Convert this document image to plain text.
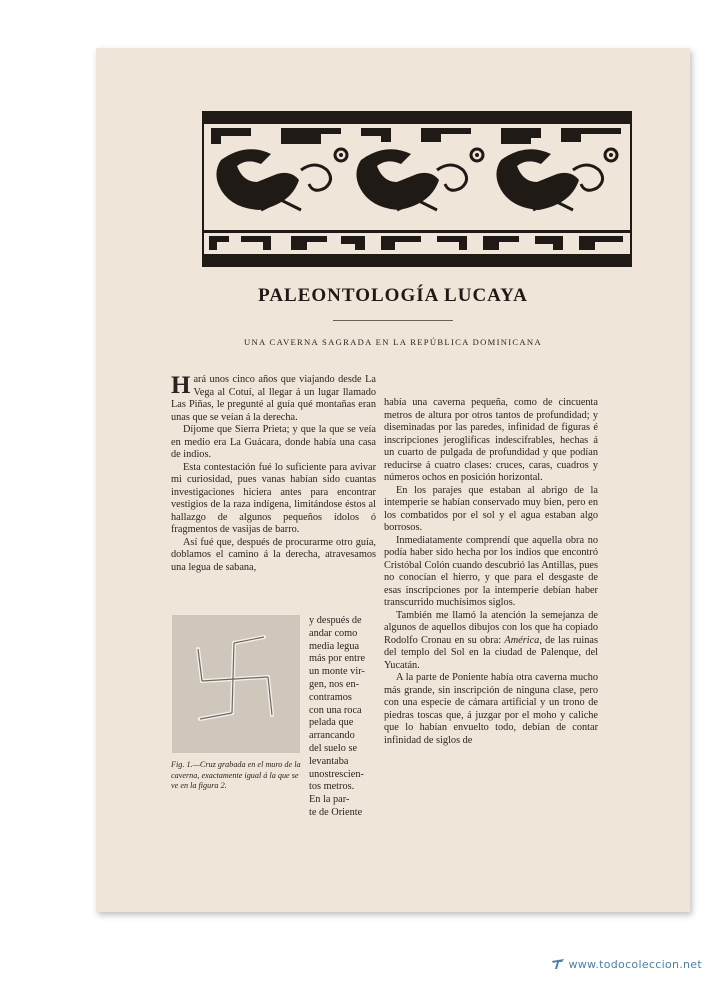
PALEONTOLOGÍA LUCAYA
UNA CAVERNA SAGRADA EN LA REPÚBLICA DOMINICANA

Hará unos cinco años que viajando desde La Vega al Cotuí, al llegar á un lugar llamado Las Piñas, le pregunté al guía qué montañas eran unas que se veían á la derecha.

Díjome que Sierra Prieta; y que la que se veía en medio era La Guácara, donde había una casa de indios.

Esta contestación fué lo suficiente para avivar mi curiosidad, pues vanas habían sido cuantas investigaciones hiciera antes para encontrar vestigios de la raza indígena, limitándose éstos al hallazgo de algunos pequeños ídolos ó fragmentos de vasijas de barro.

Así fué que, después de procurarme otro guía, doblamos el camino á la derecha, atravesamos una legua de sabana,

Fig. 1.—Cruz grabada en el muro de la caverna, exactamente igual á la que se ve en la figura 2.
y después de
andar como
media legua
más por entre
un monte vir-
gen, nos en-
contramos
con una roca
pelada que
arrancando
del suelo se
levantaba
unostrescien-
tos metros.
En la par-
te de Oriente

había una caverna pequeña, como de cincuenta metros de altura por otros tantos de profundidad; y diseminadas por las paredes, infinidad de figuras é inscripciones jeroglíficas indescifrables, hechas á un cuarto de pulgada de profundidad y que podían reducirse á cuatro clases: cruces, caras, cuadros y números ochos en posición horizontal.

En los parajes que estaban al abrigo de la intemperie se habían conservado muy bien, pero en los combatidos por el sol y el agua estaban algo borrosos.

Inmediatamente comprendí que aquella obra no podía haber sido hecha por los indios que encontró Cristóbal Colón cuando descubrió las Antillas, pues no conocían el hierro, y que para el desgaste de esas inscripciones por la intemperie debían haber transcurrido muchísimos siglos.

También me llamó la atención la semejanza de algunos de aquellos dibujos con los que ha copiado Rodolfo Cronau en su obra: América, de las ruinas del templo del Sol en la ciudad de Palenque, del Yucatán.

A la parte de Poniente había otra caverna mucho más grande, sin inscripción de ninguna clase, pero con una especie de cámara artificial y un trono de piedras toscas que, á juzgar por el moho y caliche que lo habían envuelto todo, debían de contar infinidad de siglos de

www.todocoleccion.net
